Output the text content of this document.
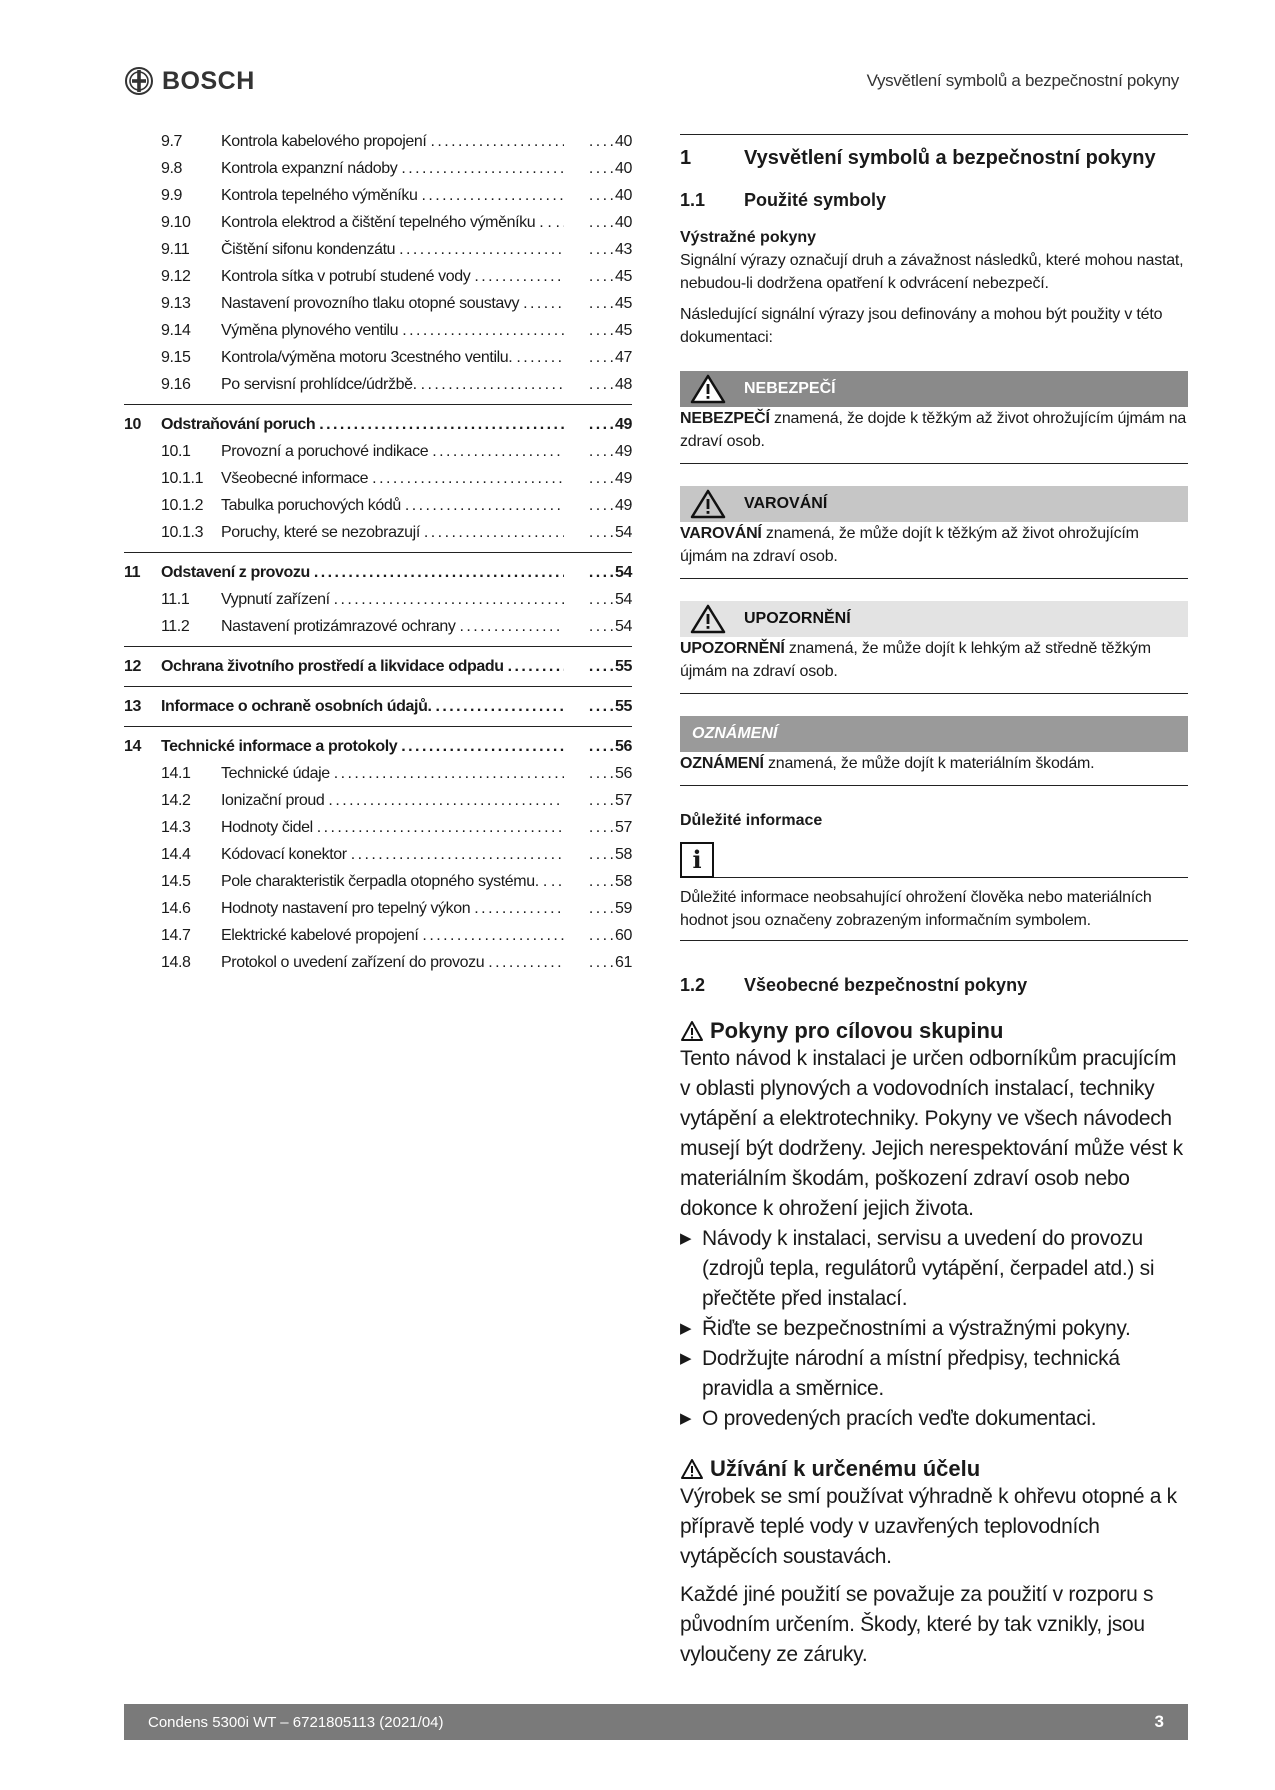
BOSCH	Vysvětlení symbolů a bezpečnostní pokyny
9.7	Kontrola kabelového propojení . . .	. . . . 40
9.8	Kontrola expanzní nádoby . . .	. . . . 40
9.9	Kontrola tepelného výměníku . . .	. . . . 40
9.10	Kontrola elektrod a čištění tepelného výměníku . . . . .	. . . . 40
9.11	Čištění sifonu kondenzátu . . .	. . . . 43
9.12	Kontrola sítka v potrubí studené vody . . .	. . . . 45
9.13	Nastavení provozního tlaku otopné soustavy . . .	. . . . 45
9.14	Výměna plynového ventilu . . .	. . . . 45
9.15	Kontrola/výměna motoru 3cestného ventilu. . . .	. . . . 47
9.16	Po servisní prohlídce/údržbě. . . .	. . . . 48
10	Odstraňování poruch . . .	. . . . 49
10.1	Provozní a poruchové indikace . . .	. . . . 49
10.1.1	Všeobecné informace . . .	. . . . 49
10.1.2	Tabulka poruchových kódů . . .	. . . . 49
10.1.3	Poruchy, které se nezobrazují . . .	. . . . 54
11	Odstavení z provozu . . .	. . . . 54
11.1	Vypnutí zařízení . . .	. . . . 54
11.2	Nastavení protizámrazové ochrany . . .	. . . . 54
12	Ochrana životního prostředí a likvidace odpadu . . .	. . . . 55
13	Informace o ochraně osobních údajů. . . .	. . . . 55
14	Technické informace a protokoly . . .	. . . . 56
14.1	Technické údaje . . .	. . . . 56
14.2	Ionizační proud . . .	. . . . 57
14.3	Hodnoty čidel . . .	. . . . 57
14.4	Kódovací konektor . . .	. . . . 58
14.5	Pole charakteristik čerpadla otopného systému. . . . .	. . . . 58
14.6	Hodnoty nastavení pro tepelný výkon . . .	. . . . 59
14.7	Elektrické kabelové propojení . . .	. . . . 60
14.8	Protokol o uvedení zařízení do provozu . . .	. . . . 61
1	Vysvětlení symbolů a bezpečnostní pokyny
1.1	Použité symboly
Výstražné pokyny
Signální výrazy označují druh a závažnost následků, které mohou nastat, nebudou-li dodržena opatření k odvrácení nebezpečí.
Následující signální výrazy jsou definovány a mohou být použity v této dokumentaci:
NEBEZPEČÍ
NEBEZPEČÍ znamená, že dojde k těžkým až život ohrožujícím újmám na zdraví osob.
VAROVÁNÍ
VAROVÁNÍ znamená, že může dojít k těžkým až život ohrožujícím újmám na zdraví osob.
UPOZORNĚNÍ
UPOZORNĚNÍ znamená, že může dojít k lehkým až středně těžkým újmám na zdraví osob.
OZNÁMENÍ
OZNÁMENÍ znamená, že může dojít k materiálním škodám.
Důležité informace
i
Důležité informace neobsahující ohrožení člověka nebo materiálních hodnot jsou označeny zobrazeným informačním symbolem.
1.2	Všeobecné bezpečnostní pokyny
Pokyny pro cílovou skupinu
Tento návod k instalaci je určen odborníkům pracujícím v oblasti plynových a vodovodních instalací, techniky vytápění a elektrotechniky. Pokyny ve všech návodech musejí být dodrženy. Jejich nerespektování může vést k materiálním škodám, poškození zdraví osob nebo dokonce k ohrožení jejich života.
▶ Návody k instalaci, servisu a uvedení do provozu (zdrojů tepla, regulátorů vytápění, čerpadel atd.) si přečtěte před instalací.
▶ Řiďte se bezpečnostními a výstražnými pokyny.
▶ Dodržujte národní a místní předpisy, technická pravidla a směrnice.
▶ O provedených pracích veďte dokumentaci.
Užívání k určenému účelu
Výrobek se smí používat výhradně k ohřevu otopné a k přípravě teplé vody v uzavřených teplovodních vytápěcích soustavách.
Každé jiné použití se považuje za použití v rozporu s původním určením. Škody, které by tak vznikly, jsou vyloučeny ze záruky.
Condens 5300i WT – 6721805113 (2021/04)	3
